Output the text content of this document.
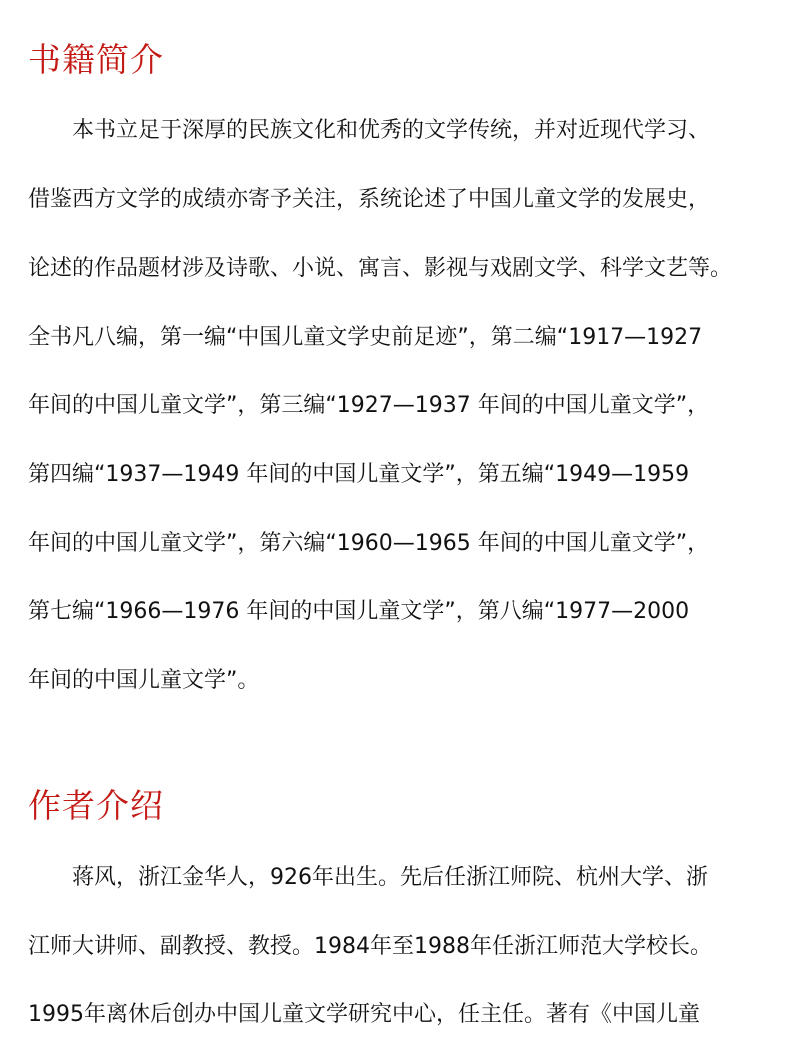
书籍简介

本书立足于深厚的民族文化和优秀的文学传统，并对近现代学习、

借鉴西方文学的成绩亦寄予关注，系统论述了中国儿童文学的发展史，

论述的作品题材涉及诗歌、小说、寓言、影视与戏剧文学、科学文艺等。

全书凡八编，第一编“中国儿童文学史前足迹”，第二编“1917—1927

年间的中国儿童文学”，第三编“1927—1937 年间的中国儿童文学”，

第四编“1937—1949 年间的中国儿童文学”，第五编“1949—1959

年间的中国儿童文学”，第六编“1960—1965 年间的中国儿童文学”，

第七编“1966—1976 年间的中国儿童文学”，第八编“1977—2000

年间的中国儿童文学”。

作者介绍

蒋风，浙江金华人，926年出生。先后任浙江师院、杭州大学、浙

江师大讲师、副教授、教授。1984年至1988年任浙江师范大学校长。

1995年离休后创办中国儿童文学研究中心，任主任。著有《中国儿童
